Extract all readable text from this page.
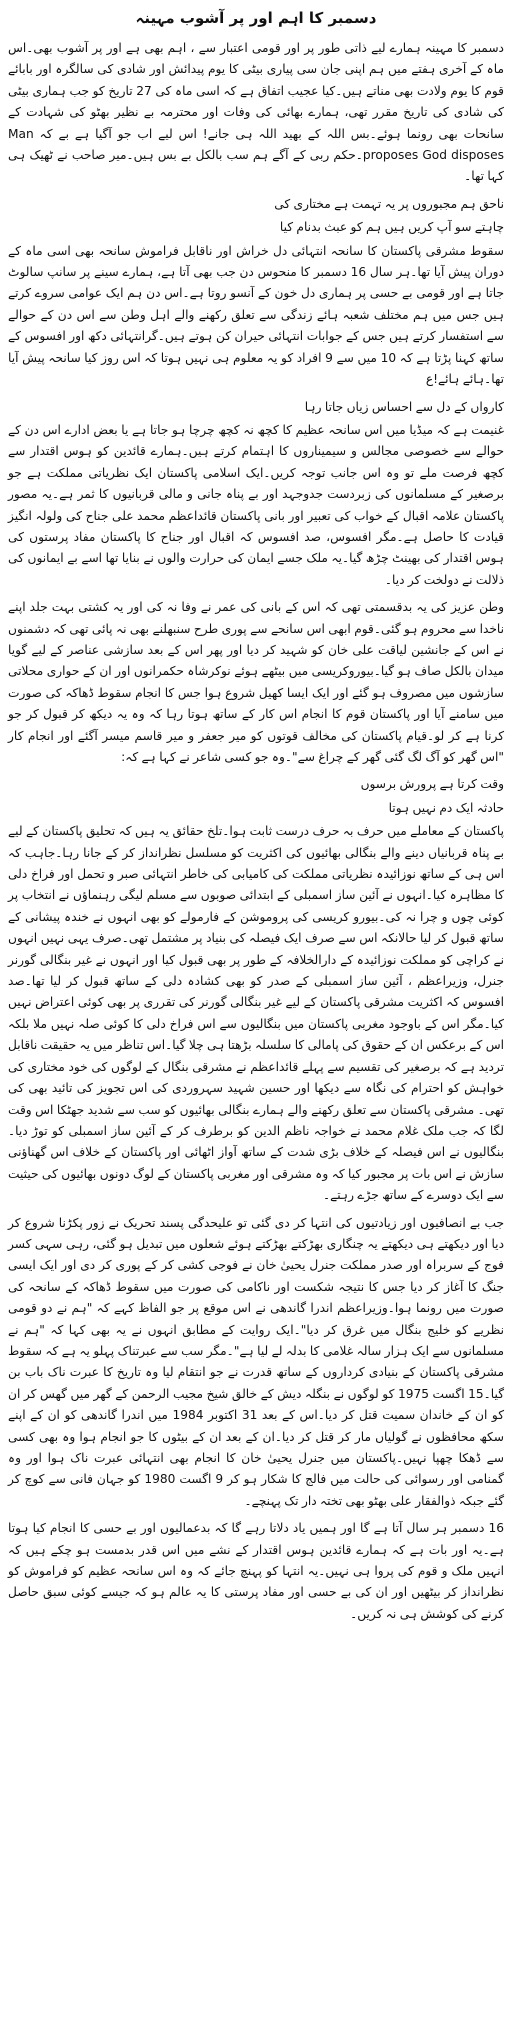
دسمبر کا اہم اور پر آشوب مہینہ

دسمبر کا مہینہ ہمارے لیے ذاتی طور پر اور قومی اعتبار سے ، اہم بھی ہے اور پر آشوب بھی۔اس ماہ کے آخری ہفتے میں ہم اپنی جان سی پیاری بیٹی کا یوم پیدائش اور شادی کی سالگرہ اور بابائے قوم کا یوم ولادت بھی مناتے ہیں۔کیا عجیب اتفاق ہے کہ اسی ماہ کی 27 تاریخ کو جب ہماری بیٹی کی شادی کی تاریخ مقرر تھی، ہمارے بھائی کی وفات اور محترمہ بے نظیر بھٹو کی شہادت کے سانحات بھی رونما ہوئے۔بس اللہ کے بھید اللہ ہی جانے! اس لیے اب جو آگیا ہے بے کہ Man proposes God disposes۔حکم ربی کے آگے ہم سب بالکل بے بس ہیں۔میر صاحب نے ٹھیک ہی کہا تھا۔

ناحق ہم مجبوروں پر یہ تہمت ہے مختاری کی

چاہتے سو آپ کریں ہیں ہم کو عبث بدنام کیا

سقوط مشرقی پاکستان کا سانحہ انتہائی دل خراش اور ناقابل فراموش سانحہ بھی اسی ماہ کے دوران پیش آیا تھا۔ہر سال 16 دسمبر کا منحوس دن جب بھی آتا ہے، ہمارے سینے پر سانپ سالوٹ جاتا ہے اور قومی بے حسی پر ہماری دل خون کے آنسو روتا ہے۔اس دن ہم ایک عوامی سروے کرتے ہیں جس میں ہم مختلف شعبہ ہائے زندگی سے تعلق رکھنے والے اہل وطن سے اس دن کے حوالے سے استفسار کرتے ہیں جس کے جوابات انتہائی حیران کن ہوتے ہیں۔گرانتہائی دکھ اور افسوس کے ساتھ کہنا پڑتا ہے کہ 10 میں سے 9 افراد کو یہ معلوم ہی نہیں ہوتا کہ اس روز کیا سانحہ پیش آیا تھا۔ہائے ہائے!ع

کارواں کے دل سے احساس زیاں جاتا رہا

غنیمت ہے کہ میڈیا میں اس سانحہ عظیم کا کچھ نہ کچھ چرچا ہو جاتا ہے یا بعض ادارے اس دن کے حوالے سے خصوصی مجالس و سیمیناروں کا اہتمام کرتے ہیں۔ہمارے قائدین کو ہوس اقتدار سے کچھ فرصت ملے تو وہ اس جانب توجہ کریں۔ایک اسلامی پاکستان ایک نظریاتی مملکت ہے جو برصغیر کے مسلمانوں کی زبردست جدوجہد اور بے پناہ جانی و مالی قربانیوں کا ثمر ہے۔یہ مصور پاکستان علامہ اقبال کے خواب کی تعبیر اور بانی پاکستان قائداعظم محمد علی جناح کی ولولہ انگیز قیادت کا حاصل ہے۔مگر افسوس، صد افسوس کہ اقبال اور جناح کا پاکستان مفاد پرستوں کی ہوس اقتدار کی بھینٹ چڑھ گیا۔یہ ملک جسے ایمان کی حرارت والوں نے بنایا تھا اسے بے ایمانوں کی ذلالت نے دولخت کر دیا۔

وطن عزیز کی یہ بدقسمتی تھی کہ اس کے بانی کی عمر نے وفا نہ کی اور یہ کشتی بہت جلد اپنے ناخدا سے محروم ہو گئی۔قوم ابھی اس سانحے سے پوری طرح سنبھلنے بھی نہ پائی تھی کہ دشمنوں نے اس کے جانشین لیاقت علی خان کو شہید کر دیا اور پھر اس کے بعد سازشی عناصر کے لیے گویا میدان بالکل صاف ہو گیا۔بیوروکریسی میں بیٹھے ہوئے نوکرشاہ حکمرانوں اور ان کے حواری محلاتی سازشوں میں مصروف ہو گئے اور ایک ایسا کھیل شروع ہوا جس کا انجام سقوط ڈھاکہ کی صورت میں سامنے آیا اور پاکستان قوم کا انجام اس کار کے ساتھ ہوتا رہا کہ وہ یہ دیکھ کر قبول کر جو کرنا ہے کر لو۔قیام پاکستان کی مخالف قوتوں کو میر جعفر و میر قاسم میسر آگئے اور انجام کار "اس گھر کو آگ لگ گئی گھر کے چراغ سے"۔وہ جو کسی شاعر نے کہا ہے کہ:

وقت کرتا ہے پرورش برسوں

حادثہ ایک دم نہیں ہوتا

پاکستان کے معاملے میں حرف بہ حرف درست ثابت ہوا۔تلخ حقائق یہ ہیں کہ تحلیق پاکستان کے لیے بے پناہ قربانیاں دینے والے بنگالی بھائیوں کی اکثریت کو مسلسل نظرانداز کر کے جانا رہا۔جاہب کہ اس ہی کے ساتھ نوزائیدہ نظریاتی مملکت کی کامیابی کی خاطر انتہائی صبر و تحمل اور فراخ دلی کا مظاہرہ کیا۔انہوں نے آئین ساز اسمبلی کے ابتدائی صوبوں سے مسلم لیگی رہنماؤں نے انتخاب پر کوئی چوں و چرا نہ کی۔بیورو کریسی کی پروموشن کے فارمولے کو بھی انہوں نے خندہ پیشانی کے ساتھ قبول کر لیا حالانکہ اس سے صرف ایک فیصلہ کی بنیاد پر مشتمل تھی۔صرف یہی نہیں انہوں نے کراچی کو مملکت نوزائیدہ کے دارالخلافہ کے طور پر بھی قبول کیا اور انہوں نے غیر بنگالی گورنر جنرل، وزیراعظم ، آئین ساز اسمبلی کے صدر کو بھی کشادہ دلی کے ساتھ قبول کر لیا تھا۔صد افسوس کہ اکثریت مشرقی پاکستان کے لیے غیر بنگالی گورنر کی تقرری پر بھی کوئی اعتراض نہیں کیا۔مگر اس کے باوجود مغربی پاکستان میں بنگالیوں سے اس فراخ دلی کا کوئی صلہ نہیں ملا بلکہ اس کے برعکس ان کے حقوق کی پامالی کا سلسلہ بڑھتا ہی چلا گیا۔اس تناظر میں یہ حقیقت ناقابل تردید ہے کہ برصغیر کی تقسیم سے پہلے قائداعظم نے مشرقی بنگال کے لوگوں کی خود مختاری کی خواہش کو احترام کی نگاہ سے دیکھا اور حسین شہید سہروردی کی اس تجویز کی تائید بھی کی تھی۔ مشرقی پاکستان سے تعلق رکھنے والے ہمارے بنگالی بھائیوں کو سب سے شدید جھٹکا اس وقت لگا کہ جب ملک غلام محمد نے خواجہ ناظم الدین کو برطرف کر کے آئین ساز اسمبلی کو توڑ دیا۔بنگالیوں نے اس فیصلہ کے خلاف بڑی شدت کے ساتھ آواز اٹھائی اور پاکستان کے خلاف اس گھناؤنی سازش نے اس بات پر مجبور کیا کہ وہ مشرقی اور مغربی پاکستان کے لوگ دونوں بھائیوں کی حیثیت سے ایک دوسرے کے ساتھ جڑے رہتے۔

جب بے انصافیوں اور زیادتیوں کی انتہا کر دی گئی تو علیحدگی پسند تحریک نے زور پکڑنا شروع کر دیا اور دیکھتے ہی دیکھتے یہ چنگاری بھڑکتے بھڑکتے ہوئے شعلوں میں تبدیل ہو گئی، رہی سہی کسر فوج کے سربراہ اور صدر مملکت جنرل یحییٰ خان نے فوجی کشی کر کے پوری کر دی اور ایک ایسی جنگ کا آغاز کر دیا جس کا نتیجہ شکست اور ناکامی کی صورت میں سقوط ڈھاکہ کے سانحہ کی صورت میں رونما ہوا۔وزیراعظم اندرا گاندھی نے اس موقع پر جو الفاظ کہے کہ "ہم نے دو قومی نظریے کو خلیج بنگال میں غرق کر دیا"۔ایک روایت کے مطابق انہوں نے یہ بھی کہا کہ "ہم نے مسلمانوں سے ایک ہزار سالہ غلامی کا بدلہ لے لیا ہے"۔مگر سب سے عبرتناک پہلو یہ ہے کہ سقوط مشرقی پاکستان کے بنیادی کرداروں کے ساتھ قدرت نے جو انتقام لیا وہ تاریخ کا عبرت ناک باب بن گیا۔15 اگست 1975 کو لوگوں نے بنگلہ دیش کے خالق شیخ مجیب الرحمن کے گھر میں گھس کر ان کو ان کے خاندان سمیت قتل کر دیا۔اس کے بعد 31 اکتوبر 1984 میں اندرا گاندھی کو ان کے اپنے سکھ محافظوں نے گولیاں مار کر قتل کر دیا۔ان کے بعد ان کے بیٹوں کا جو انجام ہوا وہ بھی کسی سے ڈھکا چھپا نہیں۔پاکستان میں جنرل یحییٰ خان کا انجام بھی انتہائی عبرت ناک ہوا اور وہ گمنامی اور رسوائی کی حالت میں فالج کا شکار ہو کر 9 اگست 1980 کو جہان فانی سے کوچ کر گئے جبکہ ذوالفقار علی بھٹو بھی تختہ دار تک پہنچے۔

16 دسمبر ہر سال آتا ہے گا اور ہمیں یاد دلاتا رہے گا کہ بدعمالیوں اور بے حسی کا انجام کیا ہوتا ہے۔یہ اور بات ہے کہ ہمارے قائدین ہوس اقتدار کے نشے میں اس قدر بدمست ہو چکے ہیں کہ انہیں ملک و قوم کی پروا ہی نہیں۔یہ انتہا کو پہنچ جائے کہ وہ اس سانحہ عظیم کو فراموش کو نظرانداز کر بیٹھیں اور ان کی بے حسی اور مفاد پرستی کا یہ عالم ہو کہ جیسے کوئی سبق حاصل کرنے کی کوشش ہی نہ کریں۔
